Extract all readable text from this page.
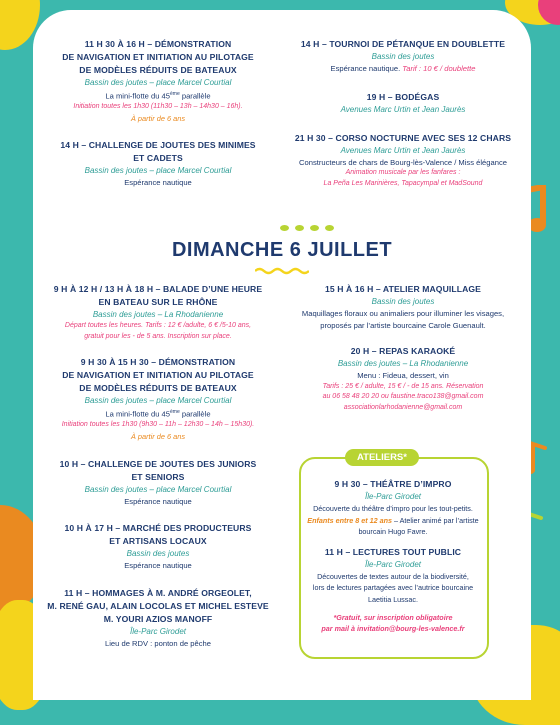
11 H 30 À 16 H – DÉMONSTRATION
DE NAVIGATION ET INITIATION AU PILOTAGE
DE MODÈLES RÉDUITS DE BATEAUX
Bassin des joutes – place Marcel Courtial
La mini-flotte du 45ème parallèle
Initiation toutes les 1h30 (11h30 – 13h – 14h30 – 16h).
À partir de 6 ans
14 H – CHALLENGE DE JOUTES DES MINIMES
ET CADETS
Bassin des joutes – place Marcel Courtial
Espérance nautique
14 H – TOURNOI DE PÉTANQUE EN DOUBLETTE
Bassin des joutes
Espérance nautique. Tarif : 10 € / doublette
19 H – BODÉGAS
Avenues Marc Urtin et Jean Jaurès
21 H 30 – CORSO NOCTURNE AVEC SES 12 CHARS
Avenues Marc Urtin et Jean Jaurès
Constructeurs de chars de Bourg-lès-Valence / Miss élégance
Animation musicale par les fanfares :
La Peña Les Marinières, Tapacympal et MadSound
DIMANCHE 6 JUILLET
9 H À 12 H / 13 H À 18 H – BALADE D’UNE HEURE
EN BATEAU SUR LE RHÔNE
Bassin des joutes – La Rhodanienne
Départ toutes les heures. Tarifs : 12 € /adulte, 6 € /5-10 ans,
gratuit pour les - de 5 ans. Inscription sur place.
9 H 30 À 15 H 30 – DÉMONSTRATION
DE NAVIGATION ET INITIATION AU PILOTAGE
DE MODÈLES RÉDUITS DE BATEAUX
Bassin des joutes – place Marcel Courtial
La mini-flotte du 45ème parallèle
Initiation toutes les 1h30 (9h30 – 11h – 12h30 – 14h – 15h30).
À partir de 6 ans
10 H – CHALLENGE DE JOUTES DES JUNIORS
ET SENIORS
Bassin des joutes – place Marcel Courtial
Espérance nautique
10 H À 17 H – MARCHÉ DES PRODUCTEURS
ET ARTISANS LOCAUX
Bassin des joutes
Espérance nautique
11 H – HOMMAGES À M. ANDRÉ ORGEOLET,
M. RENÉ GAU, ALAIN LOCOLAS ET MICHEL ESTEVE
M. YOURI AZIOS MANOFF
Île-Parc Girodet
Lieu de RDV : ponton de pêche
15 H À 16 H – ATELIER MAQUILLAGE
Bassin des joutes
Maquillages floraux ou animaliers pour illuminer les visages,
proposés par l’artiste bourcaine Carole Guenault.
20 H – REPAS KARAOKÉ
Bassin des joutes – La Rhodanienne
Menu : Fideua, dessert, vin
Tarifs : 25 € / adulte, 15 € / - de 15 ans. Réservation
au 06 58 48 20 20 ou faustine.traco138@gmail.com
associationlarhodanienne@gmail.com
ATELIERS*
9 H 30 – THÉÂTRE D’IMPRO
Île-Parc Girodet
Découverte du théâtre d’impro pour les tout-petits.
Enfants entre 8 et 12 ans – Atelier animé par l’artiste
bourcain Hugo Favre.
11 H – LECTURES TOUT PUBLIC
Île-Parc Girodet
Découvertes de textes autour de la biodiversité,
lors de lectures partagées avec l’autrice bourcaine
Laetitia Lussac.
*Gratuit, sur inscription obligatoire
par mail à invitation@bourg-les-valence.fr
